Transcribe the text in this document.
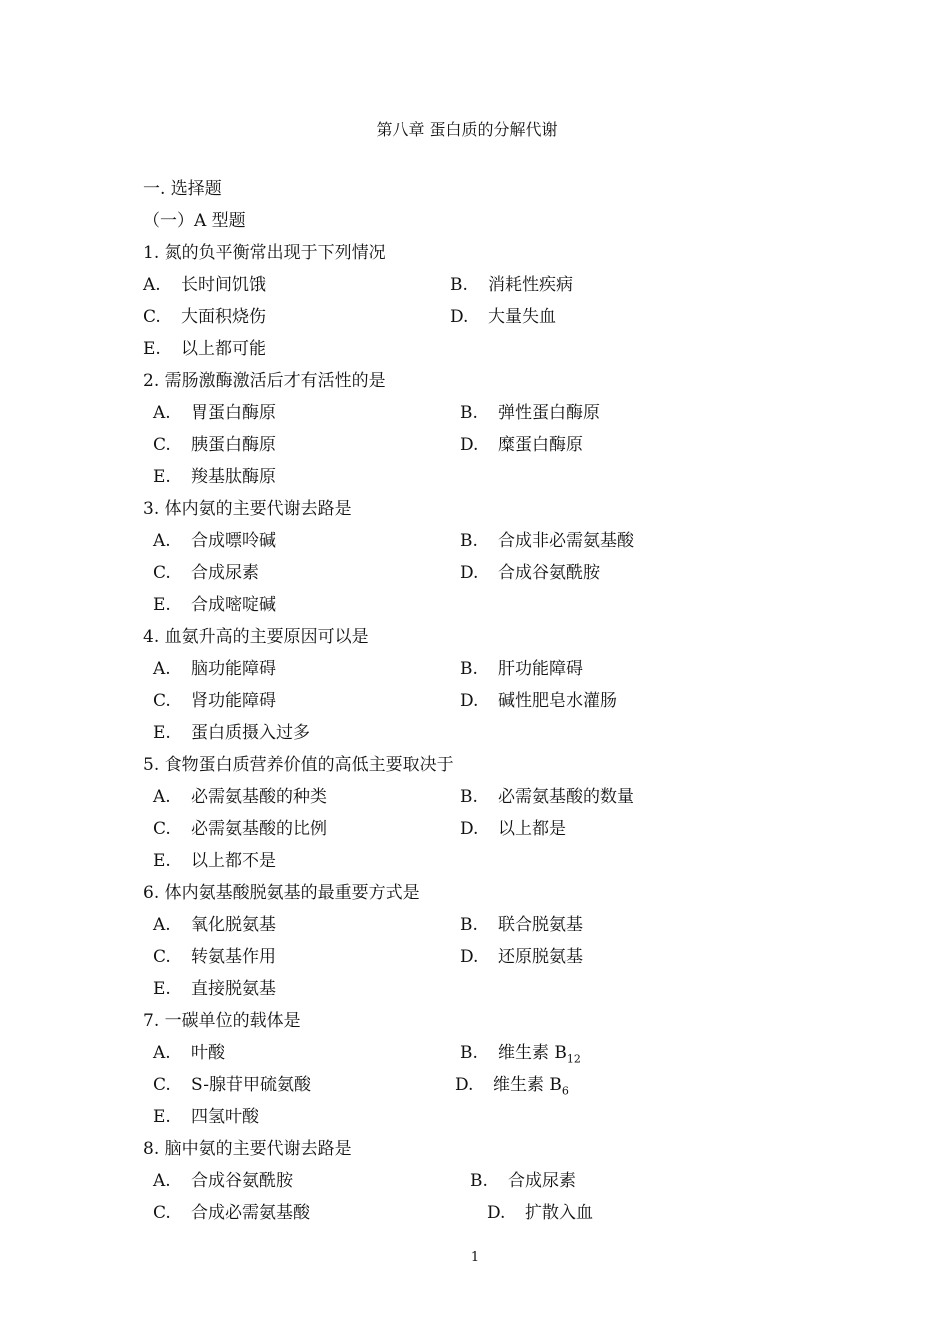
第八章 蛋白质的分解代谢
一. 选择题
（一）A 型题
1. 氮的负平衡常出现于下列情况
A. 长时间饥饿	B. 消耗性疾病
C. 大面积烧伤	D. 大量失血
E. 以上都可能
2. 需肠激酶激活后才有活性的是
A. 胃蛋白酶原	B. 弹性蛋白酶原
C. 胰蛋白酶原	D. 糜蛋白酶原
E. 羧基肽酶原
3. 体内氨的主要代谢去路是
A. 合成嘌呤碱	B. 合成非必需氨基酸
C. 合成尿素	D. 合成谷氨酰胺
E. 合成嘧啶碱
4. 血氨升高的主要原因可以是
A. 脑功能障碍	B. 肝功能障碍
C. 肾功能障碍	D. 碱性肥皂水灌肠
E. 蛋白质摄入过多
5. 食物蛋白质营养价值的高低主要取决于
A. 必需氨基酸的种类	B. 必需氨基酸的数量
C. 必需氨基酸的比例	D. 以上都是
E. 以上都不是
6. 体内氨基酸脱氨基的最重要方式是
A. 氧化脱氨基	B. 联合脱氨基
C. 转氨基作用	D. 还原脱氨基
E. 直接脱氨基
7. 一碳单位的载体是
A. 叶酸	B. 维生素 $B_{12}$
C. S-腺苷甲硫氨酸	D. 维生素 $B_6$
E. 四氢叶酸
8. 脑中氨的主要代谢去路是
A. 合成谷氨酰胺	B. 合成尿素
C. 合成必需氨基酸	D. 扩散入血
1
